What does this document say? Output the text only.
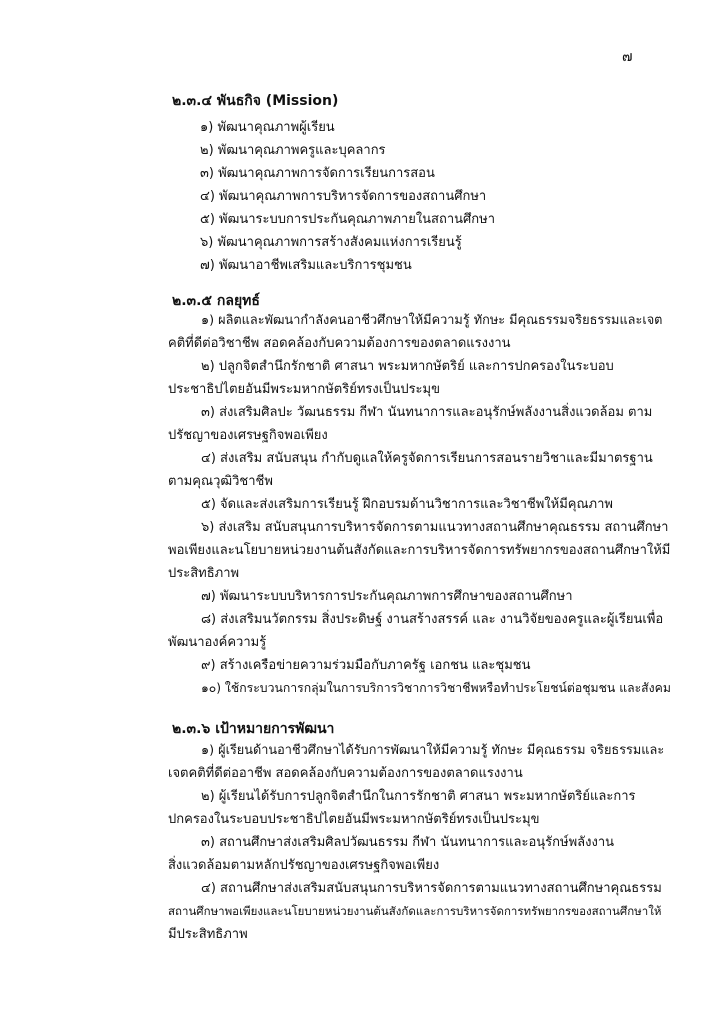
๗
๒.๓.๔ พันธกิจ (Mission)
๑) พัฒนาคุณภาพผู้เรียน
๒) พัฒนาคุณภาพครูและบุคลากร
๓) พัฒนาคุณภาพการจัดการเรียนการสอน
๔) พัฒนาคุณภาพการบริหารจัดการของสถานศึกษา
๕) พัฒนาระบบการประกันคุณภาพภายในสถานศึกษา
๖) พัฒนาคุณภาพการสร้างสังคมแห่งการเรียนรู้
๗) พัฒนาอาชีพเสริมและบริการชุมชน
๒.๓.๕ กลยุทธ์

๑) ผลิตและพัฒนากำลังคนอาชีวศึกษาให้มีความรู้ ทักษะ มีคุณธรรมจริยธรรมและเจต

คติที่ดีต่อวิชาชีพ สอดคล้องกับความต้องการของตลาดแรงงาน

๒) ปลูกจิตสำนึกรักชาติ ศาสนา พระมหากษัตริย์ และการปกครองในระบอบ

ประชาธิปไตยอันมีพระมหากษัตริย์ทรงเป็นประมุข

๓) ส่งเสริมศิลปะ วัฒนธรรม กีฬา นันทนาการและอนุรักษ์พลังงานสิ่งแวดล้อม ตาม

ปรัชญาของเศรษฐกิจพอเพียง

๔) ส่งเสริม สนับสนุน กำกับดูแลให้ครูจัดการเรียนการสอนรายวิชาและมีมาตรฐาน

ตามคุณวุฒิวิชาชีพ

๕) จัดและส่งเสริมการเรียนรู้ ฝึกอบรมด้านวิชาการและวิชาชีพให้มีคุณภาพ

๖) ส่งเสริม สนับสนุนการบริหารจัดการตามแนวทางสถานศึกษาคุณธรรม สถานศึกษา

พอเพียงและนโยบายหน่วยงานต้นสังกัดและการบริหารจัดการทรัพยากรของสถานศึกษาให้มี

ประสิทธิภาพ

๗) พัฒนาระบบบริหารการประกันคุณภาพการศึกษาของสถานศึกษา

๘) ส่งเสริมนวัตกรรม สิ่งประดิษฐ์ งานสร้างสรรค์ และ งานวิจัยของครูและผู้เรียนเพื่อ

พัฒนาองค์ความรู้

๙) สร้างเครือข่ายความร่วมมือกับภาครัฐ เอกชน และชุมชน

๑๐) ใช้กระบวนการกลุ่มในการบริการวิชาการวิชาชีพหรือทำประโยชน์ต่อชุมชน และสังคม

๒.๓.๖ เป้าหมายการพัฒนา

๑) ผู้เรียนด้านอาชีวศึกษาได้รับการพัฒนาให้มีความรู้ ทักษะ มีคุณธรรม จริยธรรมและ

เจตคติที่ดีต่ออาชีพ สอดคล้องกับความต้องการของตลาดแรงงาน

๒) ผู้เรียนได้รับการปลูกจิตสำนึกในการรักชาติ ศาสนา พระมหากษัตริย์และการ

ปกครองในระบอบประชาธิปไตยอันมีพระมหากษัตริย์ทรงเป็นประมุข

๓) สถานศึกษาส่งเสริมศิลปวัฒนธรรม กีฬา นันทนาการและอนุรักษ์พลังงาน

สิ่งแวดล้อมตามหลักปรัชญาของเศรษฐกิจพอเพียง

๔) สถานศึกษาส่งเสริมสนับสนุนการบริหารจัดการตามแนวทางสถานศึกษาคุณธรรม

สถานศึกษาพอเพียงและนโยบายหน่วยงานต้นสังกัดและการบริหารจัดการทรัพยากรของสถานศึกษาให้

มีประสิทธิภาพ
